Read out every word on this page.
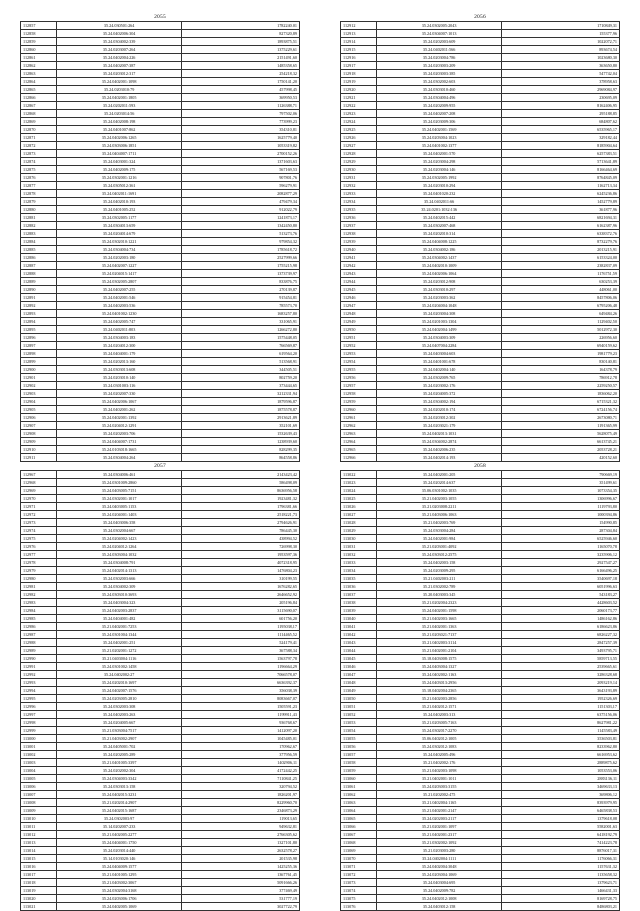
2055
112857	35.24.030501:264	1782240.01
112858	35.24.0402006:304	827320,89
112859	35.24.0304002:339	1893875,51
112860	35.24.0203007:264	1375229,61
112861	35.24.0402004:226	2151491,60
112862	35.24.0402007:387	1485358,65
112863	35.24.0203012:317	254218,32
112864	35.24.0402001:1098	1750141,20
112865	35.24.0203010:79	457998,45
112866	35.24.0402001:1805	369950,53
112867	35.24.0202011:593	1126388,71
112868	35.24.0203014:56	797502,06
112869	35.24.0402008:198	773999,23
112870	35.24.0401007:862	354310,81
112871	35.24.0402006:1265	1625779,40
112872	35.24.0303006:1851	1053319,82
112873	35.24.0404007:1711	2700152,26
112874	35.24.0403001:324	1371603,63
112875	35.24.0402009:175	567169,53
112876	35.24.0302001:1216	907801,76
112877	35.24.0305012:361	596279,91
112878	35.24.0402011:1691	2082877,29
112879	35.24.0402010:193	479479,34
112880	35.24.0401005:252	912022,79
112881	35.24.0302005:1177	1241873,17
112882	35.24.0304013:659	1342450,80
112883	35.24.0204014:679	513273,76
112884	35.24.0302010:1221	979854,32
112885	35.24.0304004:734	1785618,72
112886	35.24.0202003:180	2527999,66
112887	35.24.0402007:1227	1755215,98
112888	35.24.0204015:1417	1373739,97
112889	35.24.0302005:2807	833876,75
112890	35.24.0402007:255	270139,87
112891	35.24.0402001:546	915454,81
112892	35.24.0402003:536	785573,70
112893	35.24.0401002:1230	1683257,80
112894	35.24.0402005:747	331065,91
112895	35.24.0402011:803	1266272,80
112896	35.24.0304003:183	1575448,05
112897	35.24.0204012:300	766569,87
112898	35.24.0404001:179	619564,20
112899	35.24.0202013:160	513568,91
112900	35.24.0303013:608	344505,51
112901	35.24.0203010:140	802759,20
112902	35.24.0301003:116	373444,65
112903	35.24.0202007:330	3212331,94
112904	35.24.0402006:1067	1879596,87
112905	35.24.0402001:262	1875578,87
112906	35.24.0402001:1392	2913621,89
112907	35.24.0204012:1291	352101,69
112908	35.24.0202003:706	1532639,43
112909	35.24.0404007:1731	1238939,60
112910	35.24.0103018:1665	828299,35
112911	35.24.0304004:264	864558,86
2056
112912	35.24.0302005:2043	1710849,31
112913	35.24.0304007:1013	155377,96
112914	35.24.0202003:609	1022072,71
112915	35.24.0402011:566	893674,54
112916	35.24.0203004:786	1023680,30
112917	35.24.0203003:209	363650,80
112918	35.24.0203003:385	547742,04
112919	35.24.0302002:603	378958,63
112920	35.24.0303010:460	2969084,97
112921	35.24.0304004:496	230695,09
112922	35.24.0202009:955	8162406,95
112923	35.24.0402007:208	295188,85
112924	35.24.0203009:306	684807,62
112925	35.24.0402001:1569	6535965,17
112926	35.24.0203004:1023	329182,44
112927	35.24.0401002:1377	8185904,64
112928	35.24.0402001:570	6257383,51
112929	35.24.0203004:298	5713641,89
112930	35.24.0203004:146	8166464,69
112931	35.24.0302005:1992	8764845,09
112932	35.24.0203010:294	1162713,34
112933	35.24.0401020:232	6245236,86
112934	35.24.0402011:66	1452779,89
112935	35.24.0201:1032:136	361877,96
112936	35.24.0402015:442	6821694,31
112937	35.24.0302007:468	6162387,96
112938	35.24.0202010:314	6338372,76
112939	35.24.0404008:1225	8732279,76
112940	35.24.0304002:186	2013215,91
112941	35.24.0304002:1437	6153324,00
112942	35.24.0402010:1009	2382837,09
112943	35.24.0402006:1064	1176751,59
112944	35.24.0203012:908	630253,39
112945	35.24.0303010:297	448061,00
112946	35.24.0203003:362	8457806,06
112947	35.24.0204004:1048	6795206,48
112948	35.24.0203004:308	649484,26
112949	35.24.0201003:1304	1129402,50
112950	35.24.0402004:1499	5012972,30
112951	35.24.0304003:309	226956,60
112952	35.24.0407004:2284	6940159,62
112953	35.24.0403004:603	1981779,23
112954	35.24.0401001:678	830140,81
112955	35.24.0402004:140	164378,79
112956	35.24.0302009:765	786912,78
112957	35.24.0203002:176	2259250,57
112958	35.24.0204005:372	1836062,20
112959	35.24.0304002:194	6715321,32
112960	35.24.0202010:174	6724156,74
112961	35.24.0203012:302	2673080,71
112962	35.24.0203021:179	1191365,99
112963	35.24.0402013:1031	5628075,49
112964	35.24.0304002:2874	6613745,21
112965	35.24.0402006:235	2053728,21
112966	35.24.0402014:193	420152,60
2057
112967	35.24.0304006:461	2143423,42
112968	35.24.0301009:2860	586498,09
112969	35.24.0403005:7151	8636956,58
112970	35.24.0302001:1017	1923481,32
112971	35.24.0403005:1153	1796381,66
112972	35.24.0204001:1403	2518221,73
112973	35.24.0403006:358	2794626,91
112974	35.24.0302004:667	786445,30
112975	35.24.0204002:1423	438994,52
112976	35.24.0204012:1264	726998,30
112977	35.24.0303004:1032	1953597,36
112978	35.24.0304008:791	4072318,95
112979	35.24.0402014:1313	1476804,23
112980	35.24.0302003:666	310199,55
112981	35.24.0304002:309	1676282,65
112982	35.24.0303010:3693	2646652,92
112983	35.24.0403004:323	205196,84
112984	35.24.0402003:2837	3115690,07
112985	35.24.0404001:482	601756,20
112986	35.21.0402001:7253	1195038,17
112987	35.24.0301004:1344	1114465,52
112988	35.24.0402001:251	524179,41
112989	35.21.0202001:1272	367588,34
112990	35.21.0403004:1116	1563797,78
112991	35.24.0301002:1458	1196664,29
112992	35.24.0402002:27	7066578,07
112993	35.24.0202010:1697	6636392,37
112994	35.24.0402007:1576	356038,39
112995	35.24.0203005:2810	8083667,07
112996	35.24.0302003:308	1505591,23
112997	35.24.0402003:263	1199911,43
112998	35.24.0204005:667	936768,67
112999	35.21.0303004:7517	1412097,20
113000	35.21.0403002:2907	1045485,01
113001	35.24.0405001:702	170962,67
113002	35.24.0202005:289	377956,59
113003	35.21.0401005:3397	1402906,11
113004	35.24.0202002:304	4172442,25
113005	35.24.0304003:3342	7110841,25
113006	35.24.0303013:158	320794,52
113007	35.24.0402015:3231	1826201,97
113008	35.21.0202014:2907	8229960,70
113009	35.24.0402015:1687	2346873,29
113010	35.24.0302003:97	119013,65
113011	35.14.0202007:233	949632,81
113012	35.21.0402005:2277	2766305,62
113013	35.24.0404001:1750	1327101,80
113014	35.24.0203014:440	2632578,27
113015	35.14.0103020:146	201535,98
113016	35.24.0404009:1577	1425255,36
113017	35.21.0401005:1295	1367761,45
113018	35.21.0403002:3067	5091666,26
113019	35.24.0302004:3168	377469,49
113020	35.24.0203006:1706	531777,19
113021	35.24.0402005:1069	3027722,79
2058
113022	35.24.0402001:205	790669,19
113023	35.24.0202014:637	351499,61
113024	35.06.0301002:1035	1073354,35
113025	35.21.0402003:1055	1306996,67
113026	35.21.0203008:2211	1119793,80
113027	35.21.0403006:1063	1000394,86
113028	35.21.0402003:769	154990,85
113029	35.24.0303004:284	287304,84
113030	35.24.0402001:984	6525946,60
113031	35.21.0203001:4092	1165070,78
113032	35.24.0303012:2575	3235906,12
113033	35.24.0402003:158	2927547,27
113034	35.24.0203009:295	6166496,25
113035	35.21.0402003:211	3540697,18
113036	35.21.0302002:789	6051996,63
113037	35.20.0403003:345	543183,27
113038	35.21.0202004:2323	4428603,52
113039	35.24.0402001:1598	2060173,77
113040	35.21.0402003:1665	1486162,86
113041	35.21.0402001:1363	6186623,86
113042	35.21.0203021:7137	6826227,32
113043	35.21.0402003:3114	2847257,39
113044	35.21.0402001:2104	3493795,71
113045	35.18.0403008:1575	5859713,55
113046	35.24.0403004:1327	2539665,61
113047	35.24.0402002:1163	3286328,68
113048	35.24.0403013:2956	2093219,14
113049	35.18.0402004:2365	3643193,89
113050	35.21.0402003:2856	1952326,69
113051	35.21.0402012:1571	1151303,17
113052	35.24.0402003:313	6375156,06
113053	35.21.0203005:7163	8627981,22
113054	35.24.0302017:2270	1145583,49
113055	35.06.0402012:1005	3536503,81
113056	35.24.0302012:1083	8233962,80
113057	35.24.0402005:496	6616953,62
113058	35.21.0402002:176	2889875,62
113059	35.21.0402003:1098	1053553,06
113060	35.21.0402001:1011	2883136,11
113061	35.24.0203003:3155	3469633,13
113062	35.21.0202002:475	369806,12
113063	35.21.0402004:1165	8393979,95
113064	35.21.0402001:2147	6465838,53
113065	35.24.0202003:2117	1379618,08
113066	35.21.0202001:1097	5582001,63
113067	35.21.0402001:2317	6418192,79
113068	35.21.0302002:1092	7414223,78
113069	35.21.0203003:280	8876017,31
113070	35.24.0402004:1111	1176066,31
113071	35.24.0402004:3048	1157631,32
113072	35.24.0203004:1069	1135658,32
113073	35.24.0403004:695	1379623,71
113074	35.24.0402009:782	1466431,33
113075	35.24.0402012:1008	8169728,75
113076	35.24.0403012:158	8486803,21
